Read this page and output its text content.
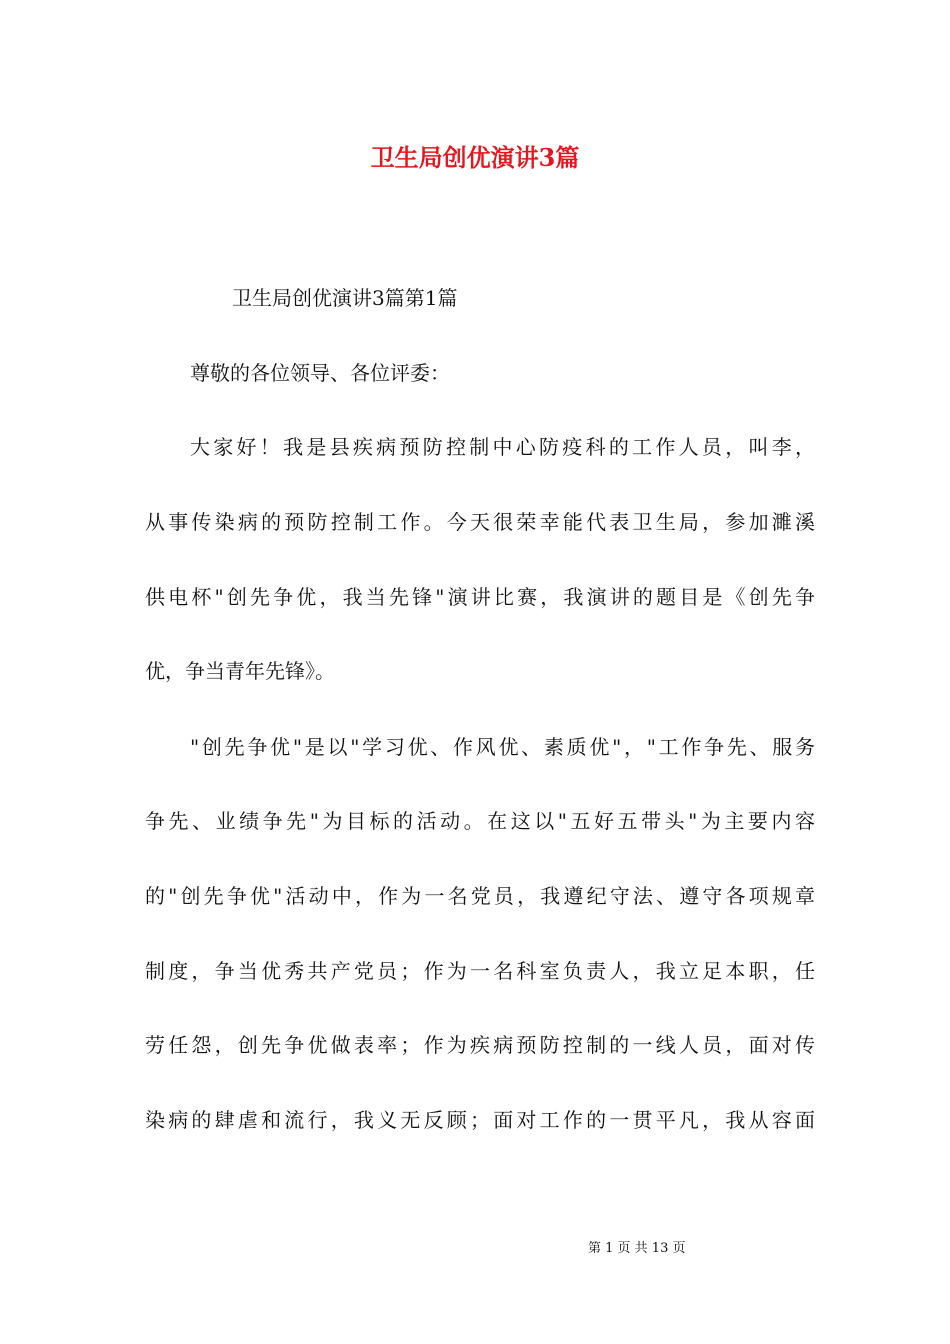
卫生局创优演讲3篇
卫生局创优演讲3篇第1篇
尊敬的各位领导、各位评委：
大家好！我是县疾病预防控制中心防疫科的工作人员，叫李，
从事传染病的预防控制工作。今天很荣幸能代表卫生局，参加濉溪
供电杯"创先争优，我当先锋"演讲比赛，我演讲的题目是《创先争
优，争当青年先锋》。
"创先争优"是以"学习优、作风优、素质优"，"工作争先、服务
争先、业绩争先"为目标的活动。在这以"五好五带头"为主要内容
的"创先争优"活动中，作为一名党员，我遵纪守法、遵守各项规章
制度，争当优秀共产党员；作为一名科室负责人，我立足本职，任
劳任怨，创先争优做表率；作为疾病预防控制的一线人员，面对传
染病的肆虐和流行，我义无反顾；面对工作的一贯平凡，我从容面
第 1 页 共 13 页
